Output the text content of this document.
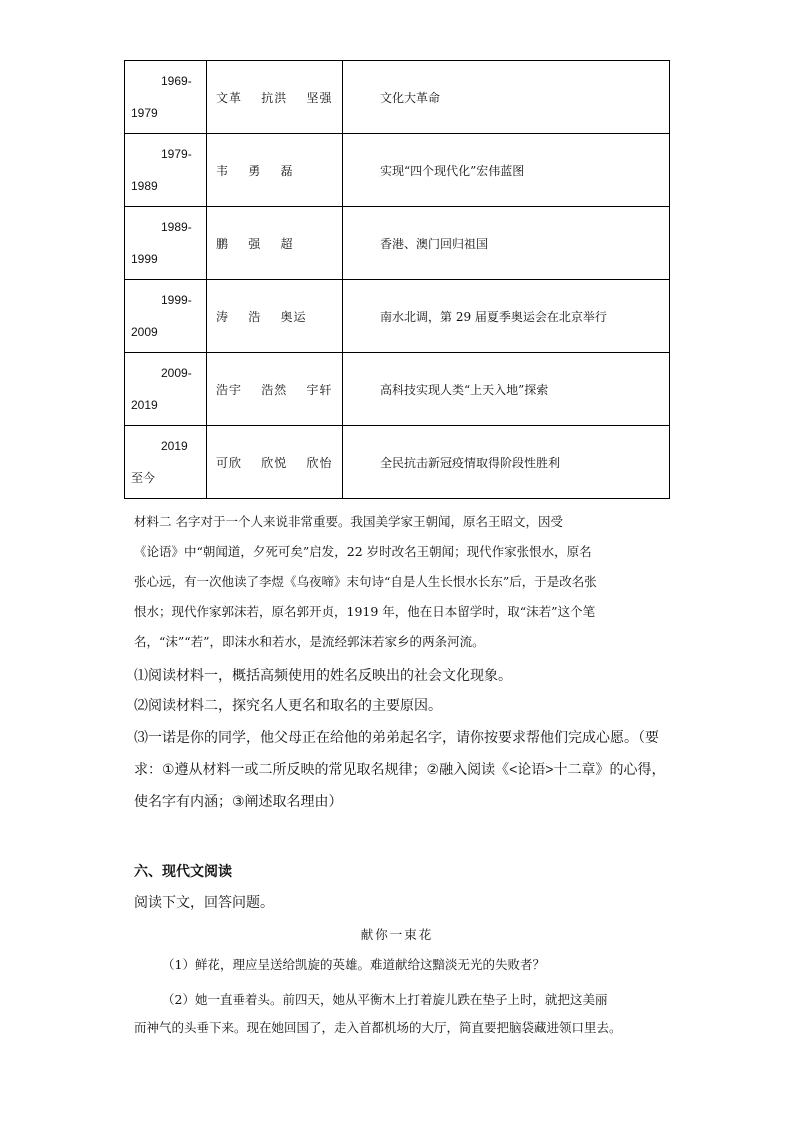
1969-
1979	文革    抗洪    坚强	文化大革命

1979-
1989	韦    勇    磊	实现“四个现代化”宏伟蓝图

1989-
1999	鹏    强    超	香港、澳门回归祖国

1999-
2009	涛    浩    奥运	南水北调，第 29 届夏季奥运会在北京举行

2009-
2019	浩宇    浩然    宇轩	高科技实现人类“上天入地”探索

2019
至今	可欣    欣悦    欣怡	全民抗击新冠疫情取得阶段性胜利

材料二 名字对于一个人来说非常重要。我国美学家王朝闻，原名王昭文，因受

《论语》中“朝闻道，夕死可矣”启发，22 岁时改名王朝闻；现代作家张恨水，原名

张心远，有一次他读了李煜《乌夜啼》末句诗“自是人生长恨水长东”后，于是改名张

恨水；现代作家郭沫若，原名郭开贞，1919 年，他在日本留学时，取“沫若”这个笔

名，“沫”“若”，即沫水和若水，是流经郭沫若家乡的两条河流。

⑴阅读材料一，概括高频使用的姓名反映出的社会文化现象。

⑵阅读材料二，探究名人更名和取名的主要原因。

⑶一诺是你的同学，他父母正在给他的弟弟起名字，请你按要求帮他们完成心愿。（要

求：①遵从材料一或二所反映的常见取名规律；②融入阅读《<论语>十二章》的心得，

使名字有内涵；③阐述取名理由）

六、现代文阅读

阅读下文，回答问题。

献你一束花

（1）鲜花，理应呈送给凯旋的英雄。难道献给这黯淡无光的失败者？

（2）她一直垂着头。前四天，她从平衡木上打着旋儿跌在垫子上时，就把这美丽

而神气的头垂下来。现在她回国了，走入首都机场的大厅，简直要把脑袋藏进领口里去。
